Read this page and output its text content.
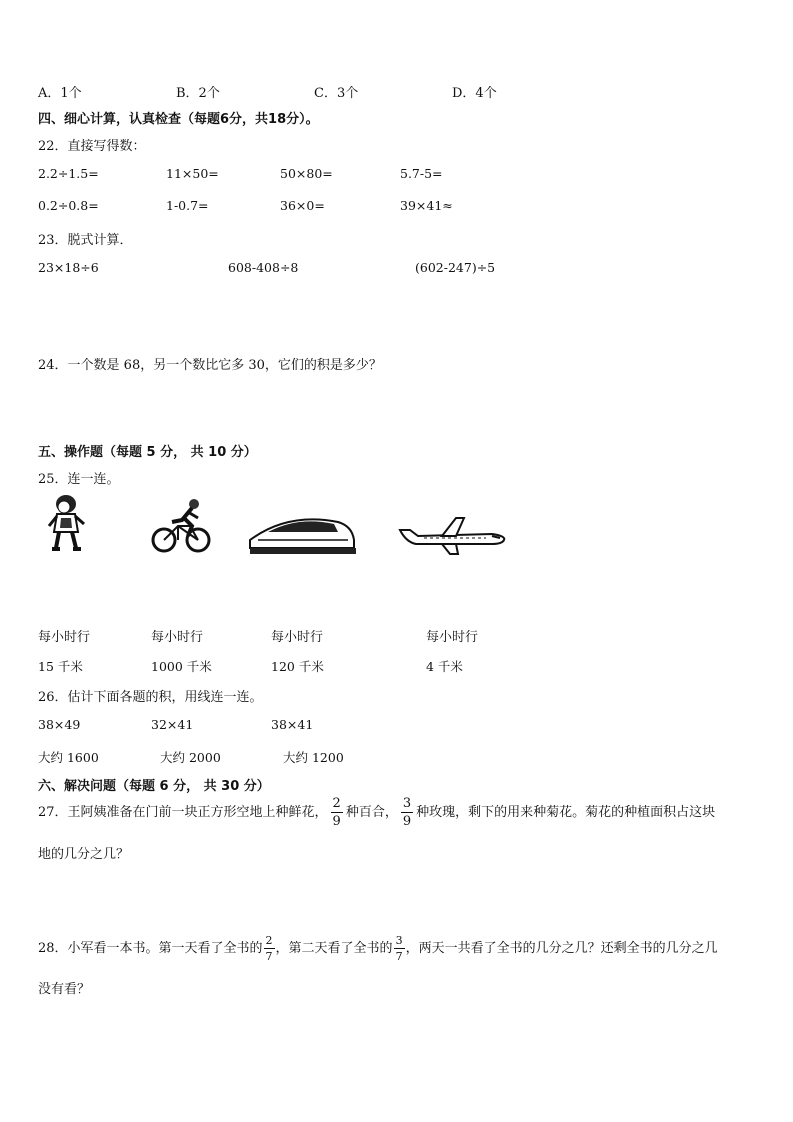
A．1个	B．2个	C．3个	D．4个
四、细心计算，认真检查（每题6分，共18分）。
22．直接写得数：
2.2÷1.5=	11×50=	50×80=	5.7-5=
0.2÷0.8=	1-0.7=	36×0=	39×41≈
23．脱式计算．
23×18÷6	608-408÷8	(602-247)÷5
24．一个数是 68，另一个数比它多 30，它们的积是多少？
五、操作题（每题 5 分， 共 10 分）
25．连一连。
每小时行	每小时行	每小时行	每小时行
15 千米	1000 千米	120 千米	4 千米
26．估计下面各题的积，用线连一连。
38×49	32×41	38×41
大约 1600	大约 2000	大约 1200
六、解决问题（每题 6 分， 共 30 分）
27．王阿姨准备在门前一块正方形空地上种鲜花， $\frac{2}{9}$ 种百合， $\frac{3}{9}$ 种玫瑰，剩下的用来种菊花。菊花的种植面积占这块
地的几分之几？
28．小军看一本书。第一天看了全书的 $\frac{2}{7}$ ，第二天看了全书的 $\frac{3}{7}$ ，两天一共看了全书的几分之几？还剩全书的几分之几
没有看？
